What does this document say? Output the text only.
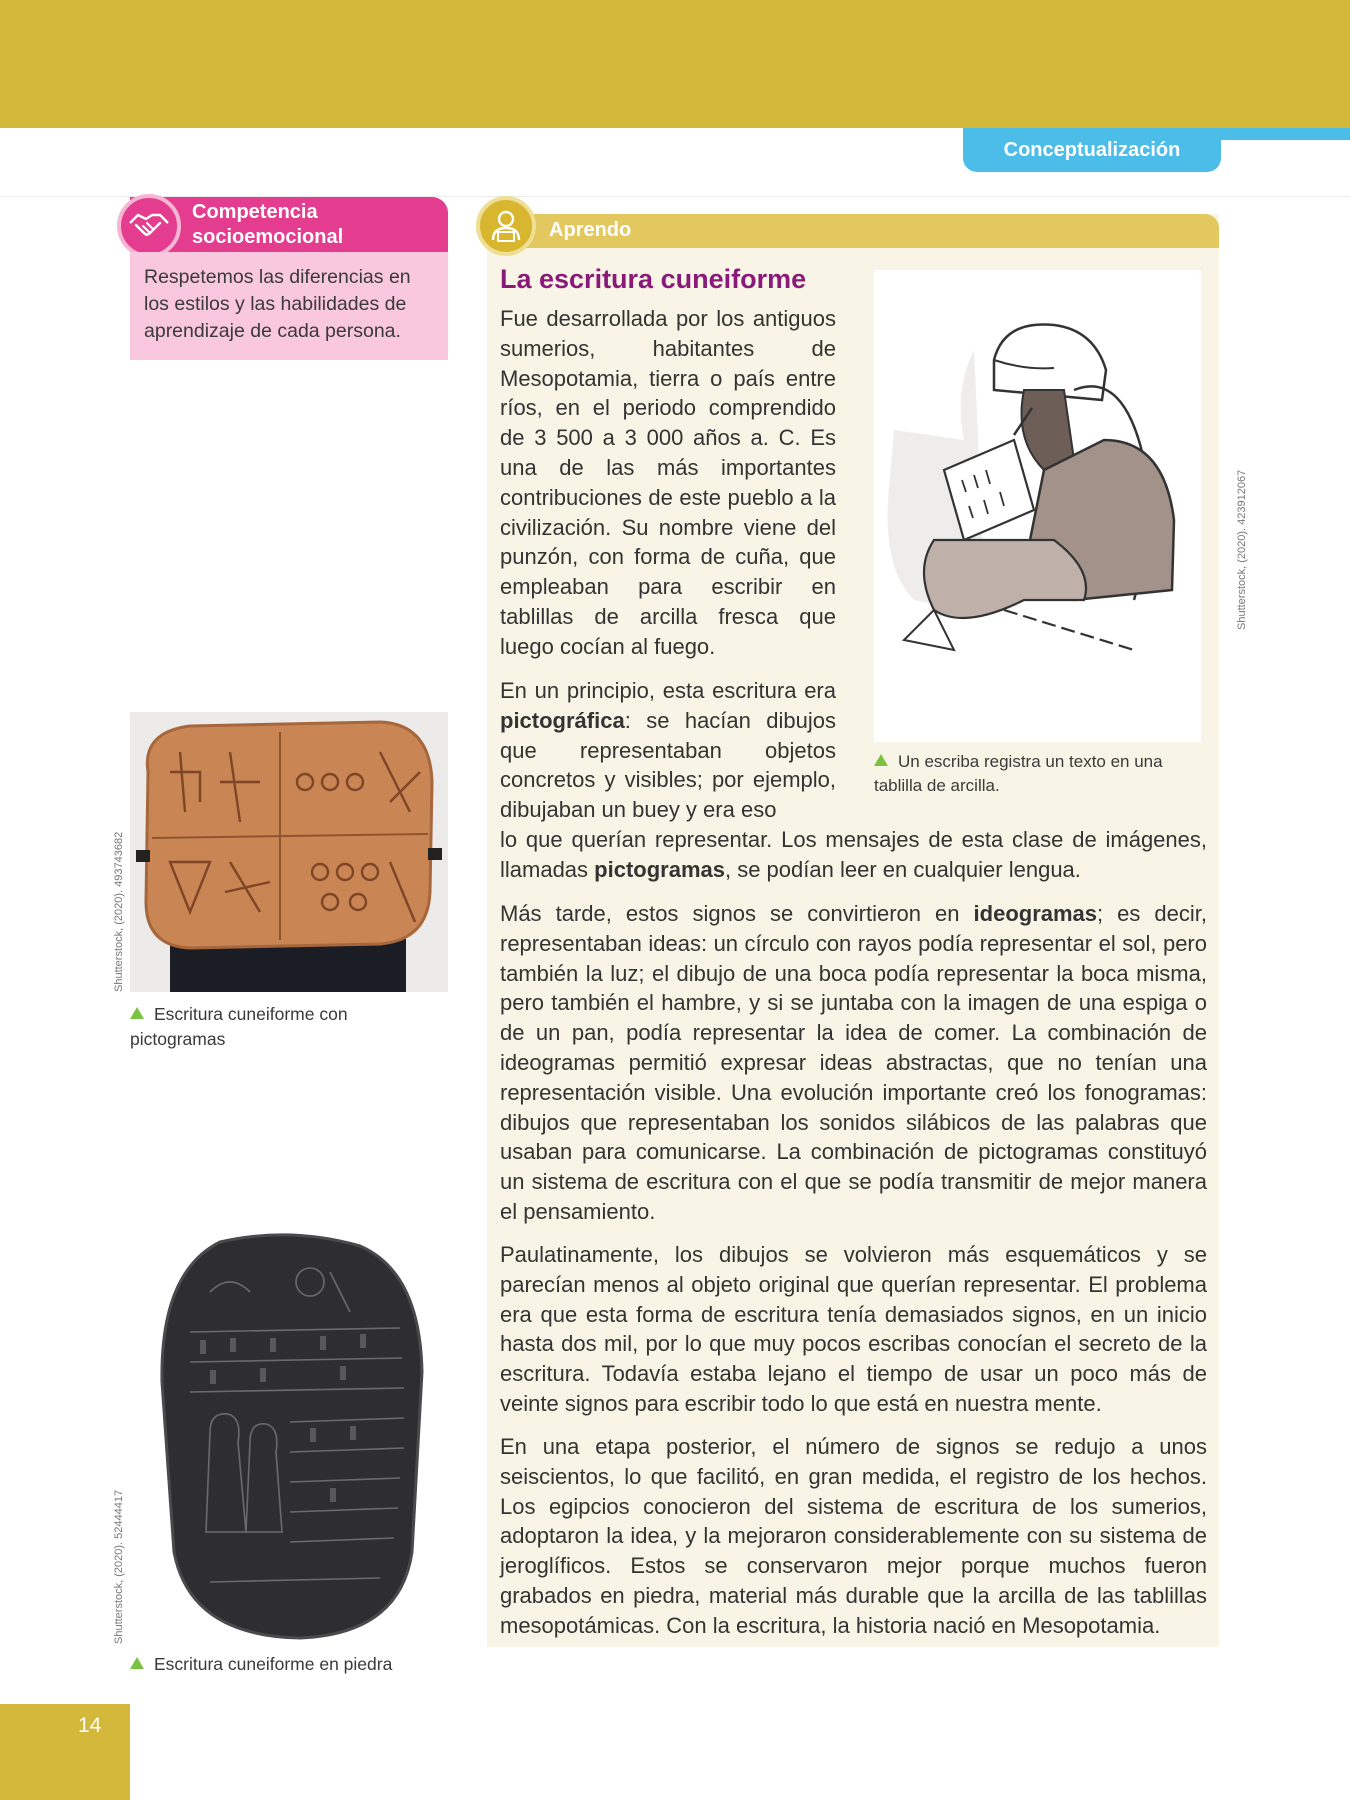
Conceptualización
Competencia
socioemocional
Respetemos las diferencias en los estilos y las habilidades de aprendizaje de cada persona.
Shutterstock, (2020). 493743682
Escritura cuneiforme con
pictogramas
Shutterstock, (2020). 52444417
Escritura cuneiforme en piedra
Aprendo
La escritura cuneiforme
Shutterstock, (2020). 423912067
Un escriba registra un texto en una
tablilla de arcilla.
Fue desarrollada por los antiguos sumerios, habitantes de Mesopotamia, tierra o país entre ríos, en el periodo comprendido de 3 500 a 3 000 años a. C. Es una de las más importantes contribuciones de este pueblo a la civilización. Su nombre viene del punzón, con forma de cuña, que empleaban para escribir en tablillas de arcilla fresca que luego cocían al fuego.
En un principio, esta escritura era pictográfica: se hacían dibujos que representaban objetos concretos y visibles; por ejemplo, dibujaban un buey y era eso
lo que querían representar. Los mensajes de esta clase de imágenes, llamadas pictogramas, se podían leer en cualquier lengua.
Más tarde, estos signos se convirtieron en ideogramas; es decir, representaban ideas: un círculo con rayos podía representar el sol, pero también la luz; el dibujo de una boca podía representar la boca misma, pero también el hambre, y si se juntaba con la imagen de una espiga o de un pan, podía representar la idea de comer. La combinación de ideogramas permitió expresar ideas abstractas, que no tenían una representación visible. Una evolución importante creó los fonogramas: dibujos que representaban los sonidos silábicos de las palabras que usaban para comunicarse. La combinación de pictogramas constituyó un sistema de escritura con el que se podía transmitir de mejor manera el pensamiento.
Paulatinamente, los dibujos se volvieron más esquemáticos y se parecían menos al objeto original que querían representar. El problema era que esta forma de escritura tenía demasiados signos, en un inicio hasta dos mil, por lo que muy pocos escribas conocían el secreto de la escritura. Todavía estaba lejano el tiempo de usar un poco más de veinte signos para escribir todo lo que está en nuestra mente.
En una etapa posterior, el número de signos se redujo a unos seiscientos, lo que facilitó, en gran medida, el registro de los hechos. Los egipcios conocieron del sistema de escritura de los sumerios, adoptaron la idea, y la mejoraron considerablemente con su sistema de jeroglíficos. Estos se conservaron mejor porque muchos fueron grabados en piedra, material más durable que la arcilla de las tablillas mesopotámicas. Con la escritura, la historia nació en Mesopotamia.
14
